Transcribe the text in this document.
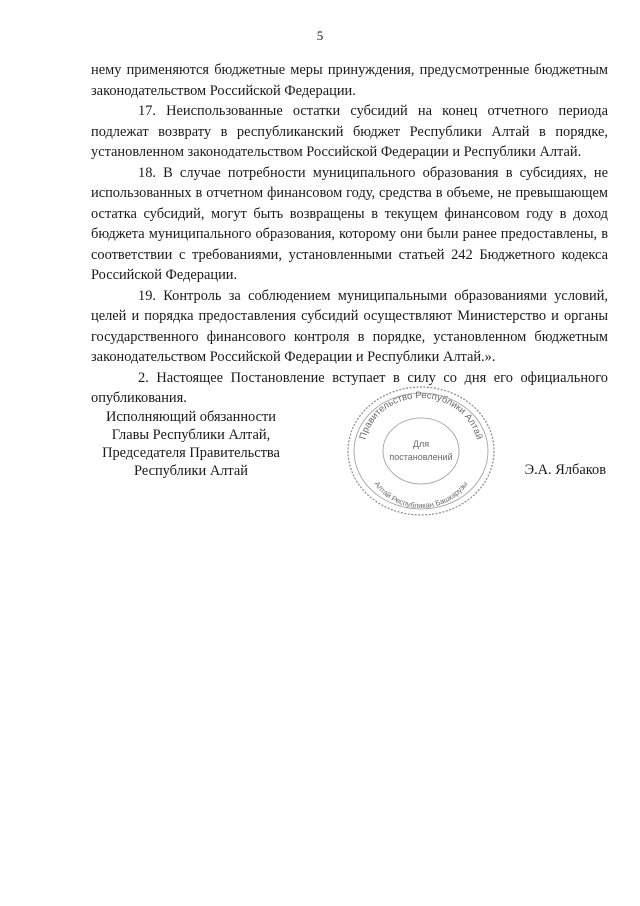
5

нему применяются бюджетные меры принуждения, предусмотренные бюджетным законодательством Российской Федерации.

17. Неиспользованные остатки субсидий на конец отчетного периода подлежат возврату в республиканский бюджет Республики Алтай в порядке, установленном законодательством Российской Федерации и Республики Алтай.

18. В случае потребности муниципального образования в субсидиях, не использованных в отчетном финансовом году, средства в объеме, не превышающем остатка субсидий, могут быть возвращены в текущем финансовом году в доход бюджета муниципального образования, которому они были ранее предоставлены, в соответствии с требованиями, установленными статьей 242 Бюджетного кодекса Российской Федерации.

19. Контроль за соблюдением муниципальными образованиями условий, целей и порядка предоставления субсидий осуществляют Министерство и органы государственного финансового контроля в порядке, установленном бюджетным законодательством Российской Федерации и Республики Алтай.».

2. Настоящее Постановление вступает в силу со дня его официального опубликования.

Исполняющий обязанности
Главы Республики Алтай,
Председателя Правительства
Республики Алтай
Правительство Республики Алтай
Алтай Республикан Башкарузы
Для
постановлений
Э.А. Ялбаков
